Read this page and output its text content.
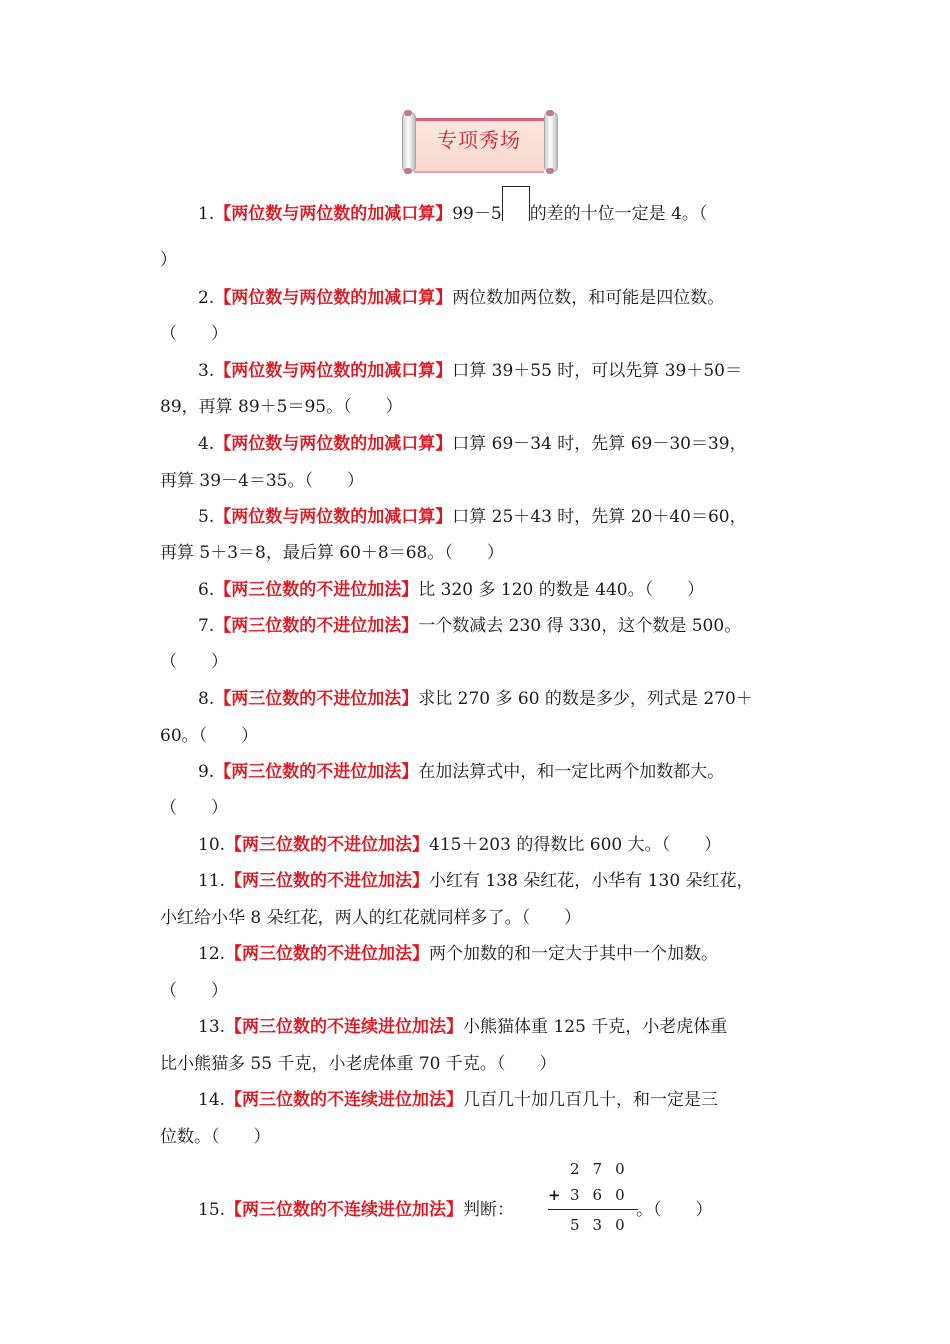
专项秀场
1.【两位数与两位数的加减口算】99－5 的差的十位一定是 4。（
）
2.【两位数与两位数的加减口算】两位数加两位数，和可能是四位数。
（　　）
3.【两位数与两位数的加减口算】口算 39＋55 时，可以先算 39＋50＝
89，再算 89＋5＝95。（　　）
4.【两位数与两位数的加减口算】口算 69－34 时，先算 69－30＝39，
再算 39－4＝35。（　　）
5.【两位数与两位数的加减口算】口算 25＋43 时，先算 20＋40＝60，
再算 5＋3＝8，最后算 60＋8＝68。（　　）
6.【两三位数的不进位加法】比 320 多 120 的数是 440。（　　）
7.【两三位数的不进位加法】一个数减去 230 得 330，这个数是 500。
（　　）
8.【两三位数的不进位加法】求比 270 多 60 的数是多少，列式是 270＋
60。（　　）
9.【两三位数的不进位加法】在加法算式中，和一定比两个加数都大。
（　　）
10.【两三位数的不进位加法】415＋203 的得数比 600 大。（　　）
11.【两三位数的不进位加法】小红有 138 朵红花，小华有 130 朵红花，
小红给小华 8 朵红花，两人的红花就同样多了。（　　）
12.【两三位数的不进位加法】两个加数的和一定大于其中一个加数。
（　　）
13.【两三位数的不连续进位加法】小熊猫体重 125 千克，小老虎体重
比小熊猫多 55 千克，小老虎体重 70 千克。（　　）
14.【两三位数的不连续进位加法】几百几十加几百几十，和一定是三
位数。（　　）
15.【两三位数的不连续进位加法】判断：	。（　　）
270
+ 360
530
